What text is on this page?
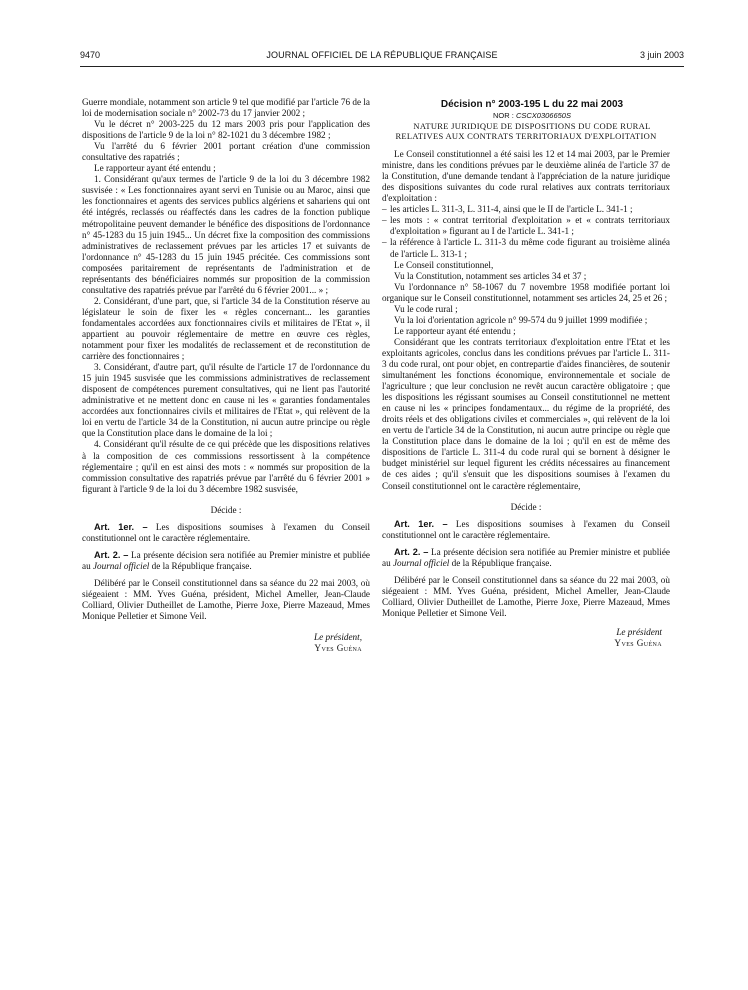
9470	JOURNAL OFFICIEL DE LA RÉPUBLIQUE FRANÇAISE	3 juin 2003

Guerre mondiale, notamment son article 9 tel que modifié par l'article 76 de la loi de modernisation sociale n° 2002-73 du 17 janvier 2002 ;

Vu le décret n° 2003-225 du 12 mars 2003 pris pour l'application des dispositions de l'article 9 de la loi n° 82-1021 du 3 décembre 1982 ;

Vu l'arrêté du 6 février 2001 portant création d'une commission consultative des rapatriés ;

Le rapporteur ayant été entendu ;

1. Considérant qu'aux termes de l'article 9 de la loi du 3 décembre 1982 susvisée : « Les fonctionnaires ayant servi en Tunisie ou au Maroc, ainsi que les fonctionnaires et agents des services publics algériens et sahariens qui ont été intégrés, reclassés ou réaffectés dans les cadres de la fonction publique métropolitaine peuvent demander le bénéfice des dispositions de l'ordonnance n° 45-1283 du 15 juin 1945... Un décret fixe la composition des commissions administratives de reclassement prévues par les articles 17 et suivants de l'ordonnance n° 45-1283 du 15 juin 1945 précitée. Ces commissions sont composées paritairement de représentants de l'administration et de représentants des bénéficiaires nommés sur proposition de la commission consultative des rapatriés prévue par l'arrêté du 6 février 2001... » ;

2. Considérant, d'une part, que, si l'article 34 de la Constitution réserve au législateur le soin de fixer les « règles concernant... les garanties fondamentales accordées aux fonctionnaires civils et militaires de l'Etat », il appartient au pouvoir réglementaire de mettre en œuvre ces règles, notamment pour fixer les modalités de reclassement et de reconstitution de carrière des fonctionnaires ;

3. Considérant, d'autre part, qu'il résulte de l'article 17 de l'ordonnance du 15 juin 1945 susvisée que les commissions administratives de reclassement disposent de compétences purement consultatives, qui ne lient pas l'autorité administrative et ne mettent donc en cause ni les « garanties fondamentales accordées aux fonctionnaires civils et militaires de l'Etat », qui relèvent de la loi en vertu de l'article 34 de la Constitution, ni aucun autre principe ou règle que la Constitution place dans le domaine de la loi ;

4. Considérant qu'il résulte de ce qui précède que les dispositions relatives à la composition de ces commissions ressortissent à la compétence réglementaire ; qu'il en est ainsi des mots : « nommés sur proposition de la commission consultative des rapatriés prévue par l'arrêté du 6 février 2001 » figurant à l'article 9 de la loi du 3 décembre 1982 susvisée,

Décide :

Art. 1er. – Les dispositions soumises à l'examen du Conseil constitutionnel ont le caractère réglementaire.

Art. 2. – La présente décision sera notifiée au Premier ministre et publiée au Journal officiel de la République française.

Délibéré par le Conseil constitutionnel dans sa séance du 22 mai 2003, où siégeaient : MM. Yves Guéna, président, Michel Ameller, Jean-Claude Colliard, Olivier Dutheillet de Lamothe, Pierre Joxe, Pierre Mazeaud, Mmes Monique Pelletier et Simone Veil.

Le président,

Yves Guéna

Décision n° 2003-195 L du 22 mai 2003

NOR : CSCX0306650S

NATURE JURIDIQUE DE DISPOSITIONS DU CODE RURAL
RELATIVES AUX CONTRATS TERRITORIAUX D'EXPLOITATION

Le Conseil constitutionnel a été saisi les 12 et 14 mai 2003, par le Premier ministre, dans les conditions prévues par le deuxième alinéa de l'article 37 de la Constitution, d'une demande tendant à l'appréciation de la nature juridique des dispositions suivantes du code rural relatives aux contrats territoriaux d'exploitation :

– les articles L. 311-3, L. 311-4, ainsi que le II de l'article L. 341-1 ;
– les mots : « contrat territorial d'exploitation » et « contrats territoriaux d'exploitation » figurant au I de l'article L. 341-1 ;
– la référence à l'article L. 311-3 du même code figurant au troisième alinéa de l'article L. 313-1 ;

Le Conseil constitutionnel,

Vu la Constitution, notamment ses articles 34 et 37 ;

Vu l'ordonnance n° 58-1067 du 7 novembre 1958 modifiée portant loi organique sur le Conseil constitutionnel, notamment ses articles 24, 25 et 26 ;

Vu le code rural ;

Vu la loi d'orientation agricole n° 99-574 du 9 juillet 1999 modifiée ;

Le rapporteur ayant été entendu ;

Considérant que les contrats territoriaux d'exploitation entre l'Etat et les exploitants agricoles, conclus dans les conditions prévues par l'article L. 311-3 du code rural, ont pour objet, en contrepartie d'aides financières, de soutenir simultanément les fonctions économique, environnementale et sociale de l'agriculture ; que leur conclusion ne revêt aucun caractère obligatoire ; que les dispositions les régissant soumises au Conseil constitutionnel ne mettent en cause ni les « principes fondamentaux... du régime de la propriété, des droits réels et des obligations civiles et commerciales », qui relèvent de la loi en vertu de l'article 34 de la Constitution, ni aucun autre principe ou règle que la Constitution place dans le domaine de la loi ; qu'il en est de même des dispositions de l'article L. 311-4 du code rural qui se bornent à désigner le budget ministériel sur lequel figurent les crédits nécessaires au financement de ces aides ; qu'il s'ensuit que les dispositions soumises à l'examen du Conseil constitutionnel ont le caractère réglementaire,

Décide :

Art. 1er. – Les dispositions soumises à l'examen du Conseil constitutionnel ont le caractère réglementaire.

Art. 2. – La présente décision sera notifiée au Premier ministre et publiée au Journal officiel de la République française.

Délibéré par le Conseil constitutionnel dans sa séance du 22 mai 2003, où siégeaient : MM. Yves Guéna, président, Michel Ameller, Jean-Claude Colliard, Olivier Dutheillet de Lamothe, Pierre Joxe, Pierre Mazeaud, Mmes Monique Pelletier et Simone Veil.

Le président

Yves Guéna
